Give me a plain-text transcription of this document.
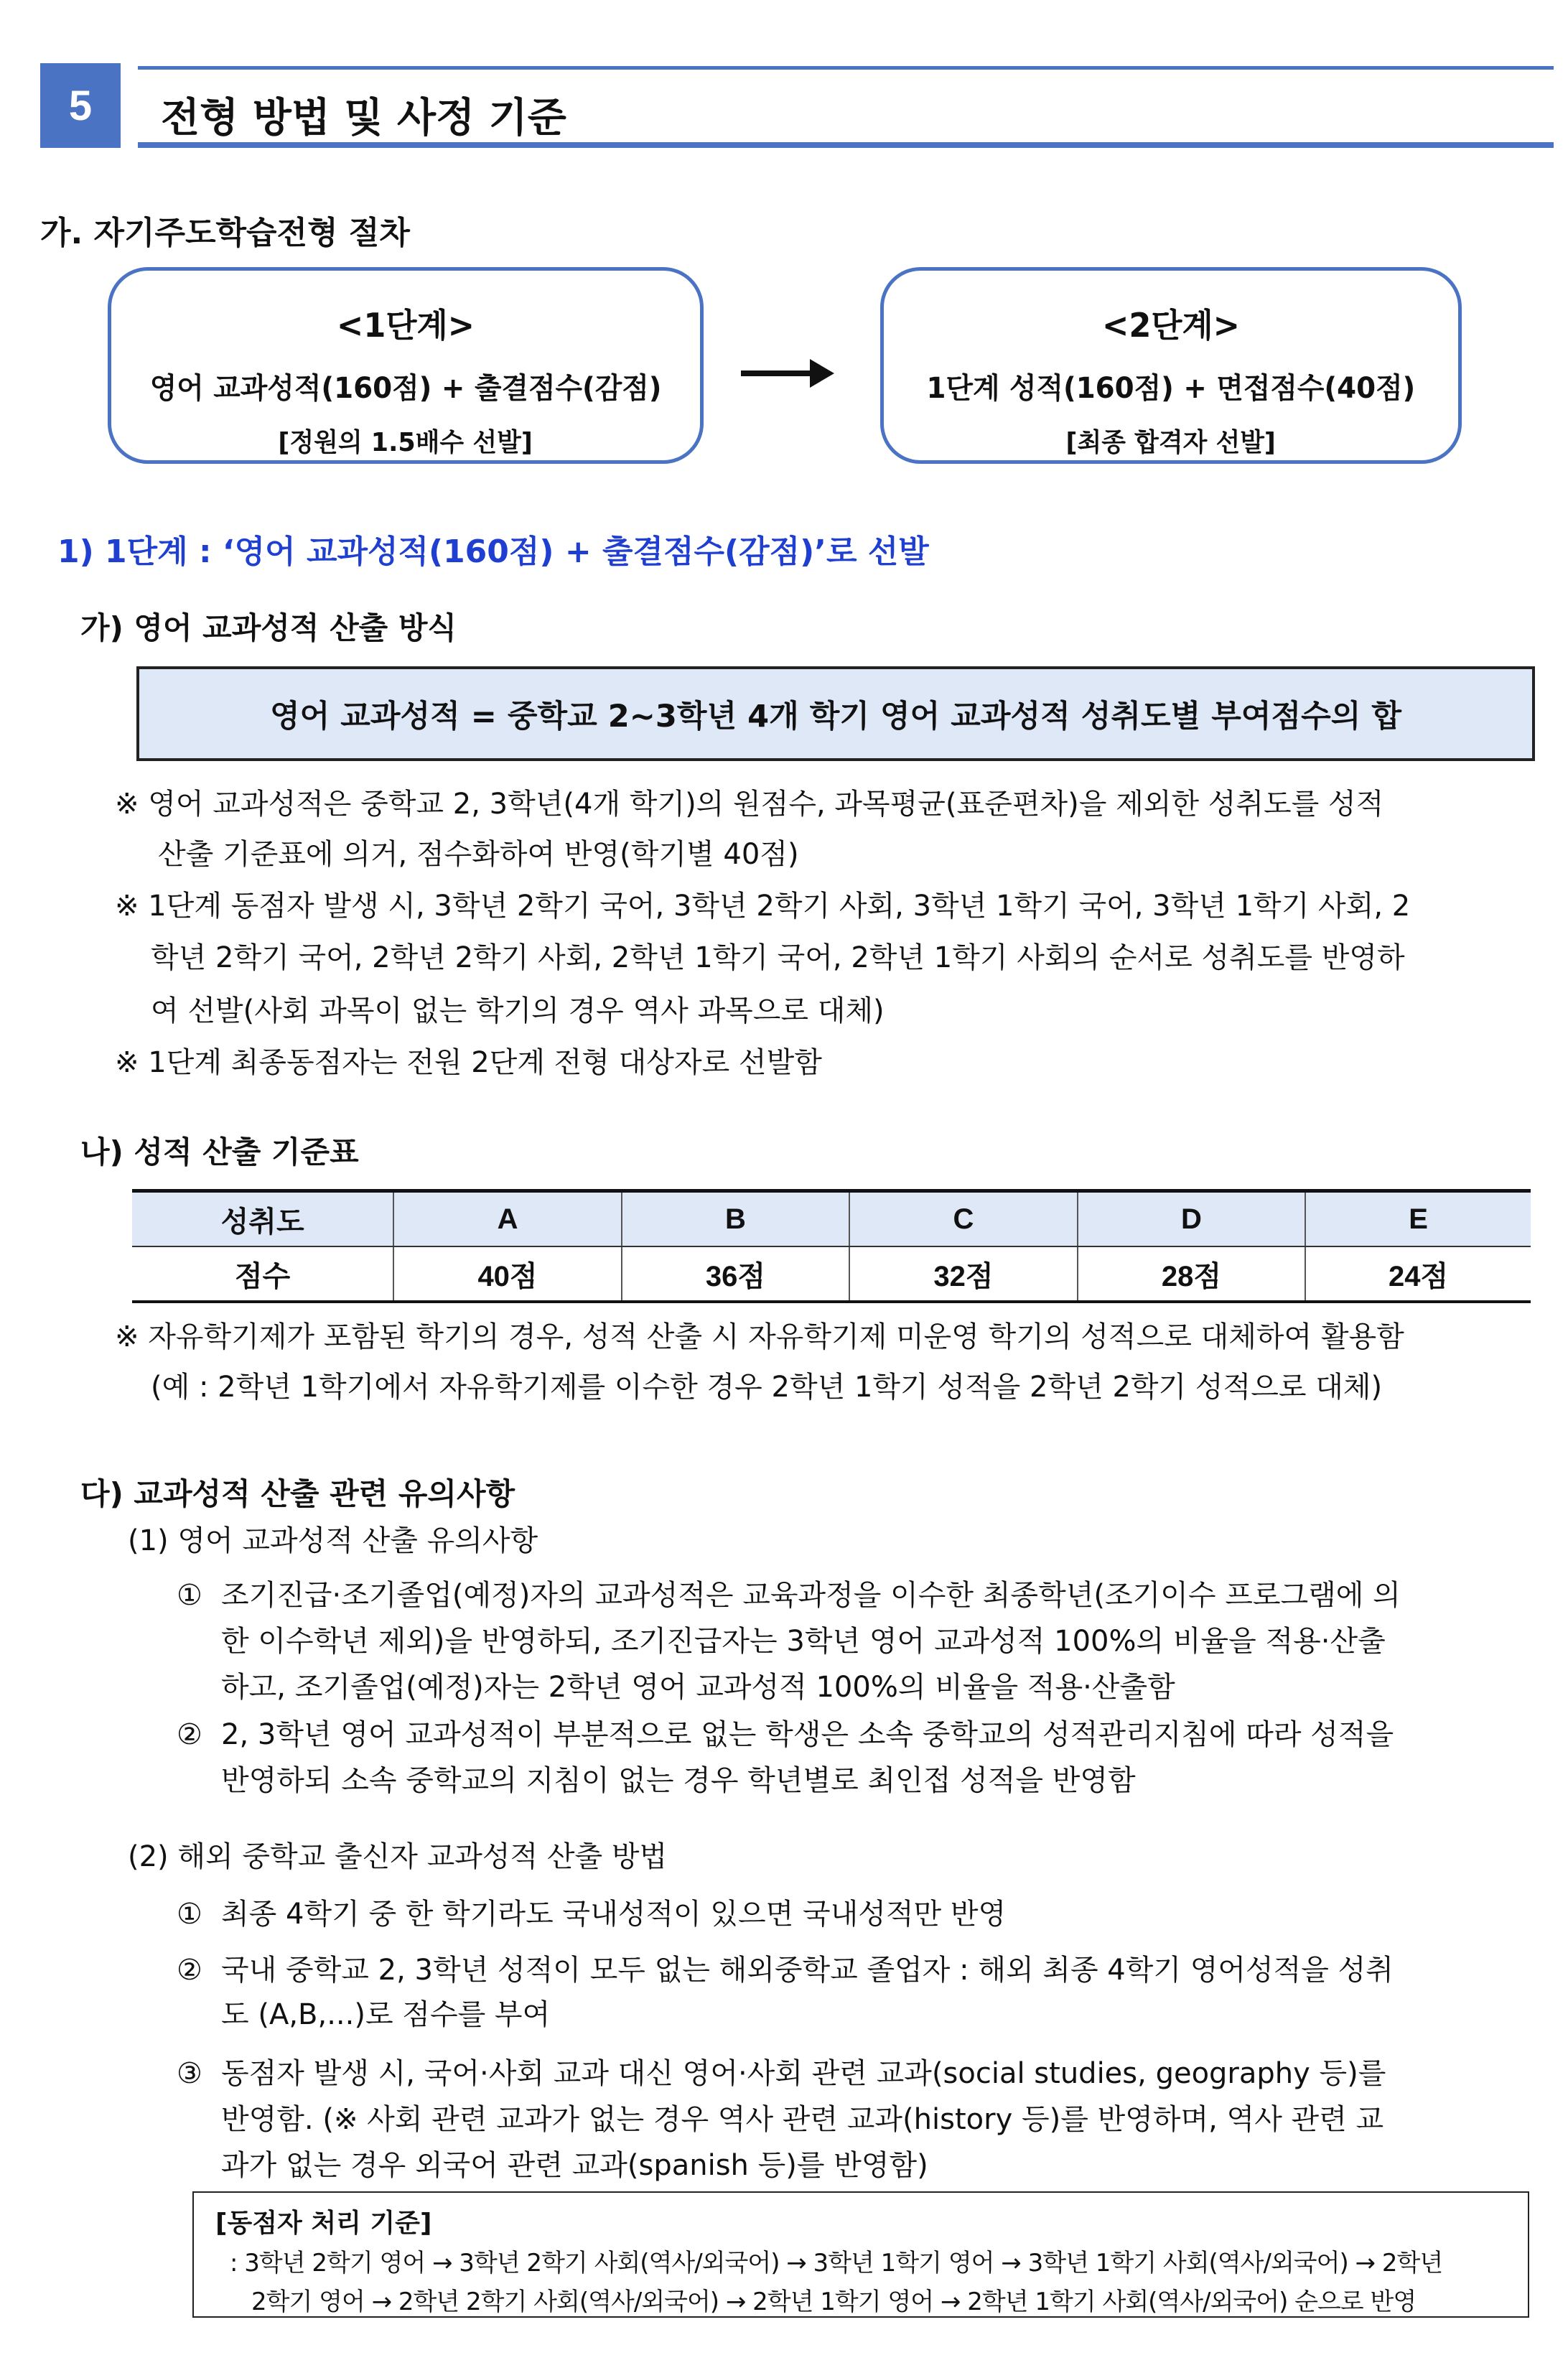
5	전형 방법 및 사정 기준
가. 자기주도학습전형 절차
<1단계> 영어 교과성적(160점) + 출결점수(감점) [정원의 1.5배수 선발]
<2단계> 1단계 성적(160점) + 면접점수(40점) [최종 합격자 선발]
1) 1단계 : ‘영어 교과성적(160점) + 출결점수(감점)’로 선발
가) 영어 교과성적 산출 방식
영어 교과성적 = 중학교 2~3학년 4개 학기 영어 교과성적 성취도별 부여점수의 합
※ 영어 교과성적은 중학교 2, 3학년(4개 학기)의 원점수, 과목평균(표준편차)을 제외한 성취도를 성적
산출 기준표에 의거, 점수화하여 반영(학기별 40점)
※ 1단계 동점자 발생 시, 3학년 2학기 국어, 3학년 2학기 사회, 3학년 1학기 국어, 3학년 1학기 사회, 2
학년 2학기 국어, 2학년 2학기 사회, 2학년 1학기 국어, 2학년 1학기 사회의 순서로 성취도를 반영하
여 선발(사회 과목이 없는 학기의 경우 역사 과목으로 대체)
※ 1단계 최종동점자는 전원 2단계 전형 대상자로 선발함
나) 성적 산출 기준표
성취도	A	B	C	D	E
점수	40점	36점	32점	28점	24점
※ 자유학기제가 포함된 학기의 경우, 성적 산출 시 자유학기제 미운영 학기의 성적으로 대체하여 활용함
(예 : 2학년 1학기에서 자유학기제를 이수한 경우 2학년 1학기 성적을 2학년 2학기 성적으로 대체)
다) 교과성적 산출 관련 유의사항
(1) 영어 교과성적 산출 유의사항
① 조기진급·조기졸업(예정)자의 교과성적은 교육과정을 이수한 최종학년(조기이수 프로그램에 의
한 이수학년 제외)을 반영하되, 조기진급자는 3학년 영어 교과성적 100%의 비율을 적용·산출
하고, 조기졸업(예정)자는 2학년 영어 교과성적 100%의 비율을 적용·산출함
② 2, 3학년 영어 교과성적이 부분적으로 없는 학생은 소속 중학교의 성적관리지침에 따라 성적을
반영하되 소속 중학교의 지침이 없는 경우 학년별로 최인접 성적을 반영함
(2) 해외 중학교 출신자 교과성적 산출 방법
① 최종 4학기 중 한 학기라도 국내성적이 있으면 국내성적만 반영
② 국내 중학교 2, 3학년 성적이 모두 없는 해외중학교 졸업자 : 해외 최종 4학기 영어성적을 성취
도 (A,B,...)로 점수를 부여
③ 동점자 발생 시, 국어·사회 교과 대신 영어·사회 관련 교과(social studies, geography 등)를
반영함. (※ 사회 관련 교과가 없는 경우 역사 관련 교과(history 등)를 반영하며, 역사 관련 교
과가 없는 경우 외국어 관련 교과(spanish 등)를 반영함)
[동점자 처리 기준]
: 3학년 2학기 영어 → 3학년 2학기 사회(역사/외국어) → 3학년 1학기 영어 → 3학년 1학기 사회(역사/외국어) → 2학년
2학기 영어 → 2학년 2학기 사회(역사/외국어) → 2학년 1학기 영어 → 2학년 1학기 사회(역사/외국어) 순으로 반영
